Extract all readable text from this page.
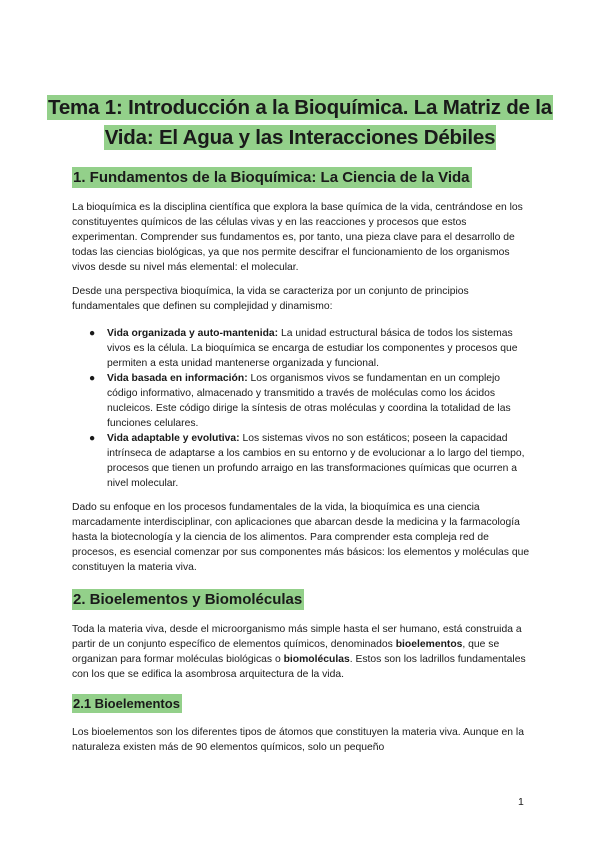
Tema 1: Introducción a la Bioquímica. La Matriz de la Vida: El Agua y las Interacciones Débiles
1. Fundamentos de la Bioquímica: La Ciencia de la Vida

La bioquímica es la disciplina científica que explora la base química de la vida, centrándose en los constituyentes químicos de las células vivas y en las reacciones y procesos que estos experimentan. Comprender sus fundamentos es, por tanto, una pieza clave para el desarrollo de todas las ciencias biológicas, ya que nos permite descifrar el funcionamiento de los organismos vivos desde su nivel más elemental: el molecular.

Desde una perspectiva bioquímica, la vida se caracteriza por un conjunto de principios fundamentales que definen su complejidad y dinamismo:

● Vida organizada y auto-mantenida: La unidad estructural básica de todos los sistemas vivos es la célula. La bioquímica se encarga de estudiar los componentes y procesos que permiten a esta unidad mantenerse organizada y funcional.
● Vida basada en información: Los organismos vivos se fundamentan en un complejo código informativo, almacenado y transmitido a través de moléculas como los ácidos nucleicos. Este código dirige la síntesis de otras moléculas y coordina la totalidad de las funciones celulares.
● Vida adaptable y evolutiva: Los sistemas vivos no son estáticos; poseen la capacidad intrínseca de adaptarse a los cambios en su entorno y de evolucionar a lo largo del tiempo, procesos que tienen un profundo arraigo en las transformaciones químicas que ocurren a nivel molecular.

Dado su enfoque en los procesos fundamentales de la vida, la bioquímica es una ciencia marcadamente interdisciplinar, con aplicaciones que abarcan desde la medicina y la farmacología hasta la biotecnología y la ciencia de los alimentos. Para comprender esta compleja red de procesos, es esencial comenzar por sus componentes más básicos: los elementos y moléculas que constituyen la materia viva.

2. Bioelementos y Biomoléculas

Toda la materia viva, desde el microorganismo más simple hasta el ser humano, está construida a partir de un conjunto específico de elementos químicos, denominados bioelementos, que se organizan para formar moléculas biológicas o biomoléculas. Estos son los ladrillos fundamentales con los que se edifica la asombrosa arquitectura de la vida.

2.1 Bioelementos

Los bioelementos son los diferentes tipos de átomos que constituyen la materia viva. Aunque en la naturaleza existen más de 90 elementos químicos, solo un pequeño

1
